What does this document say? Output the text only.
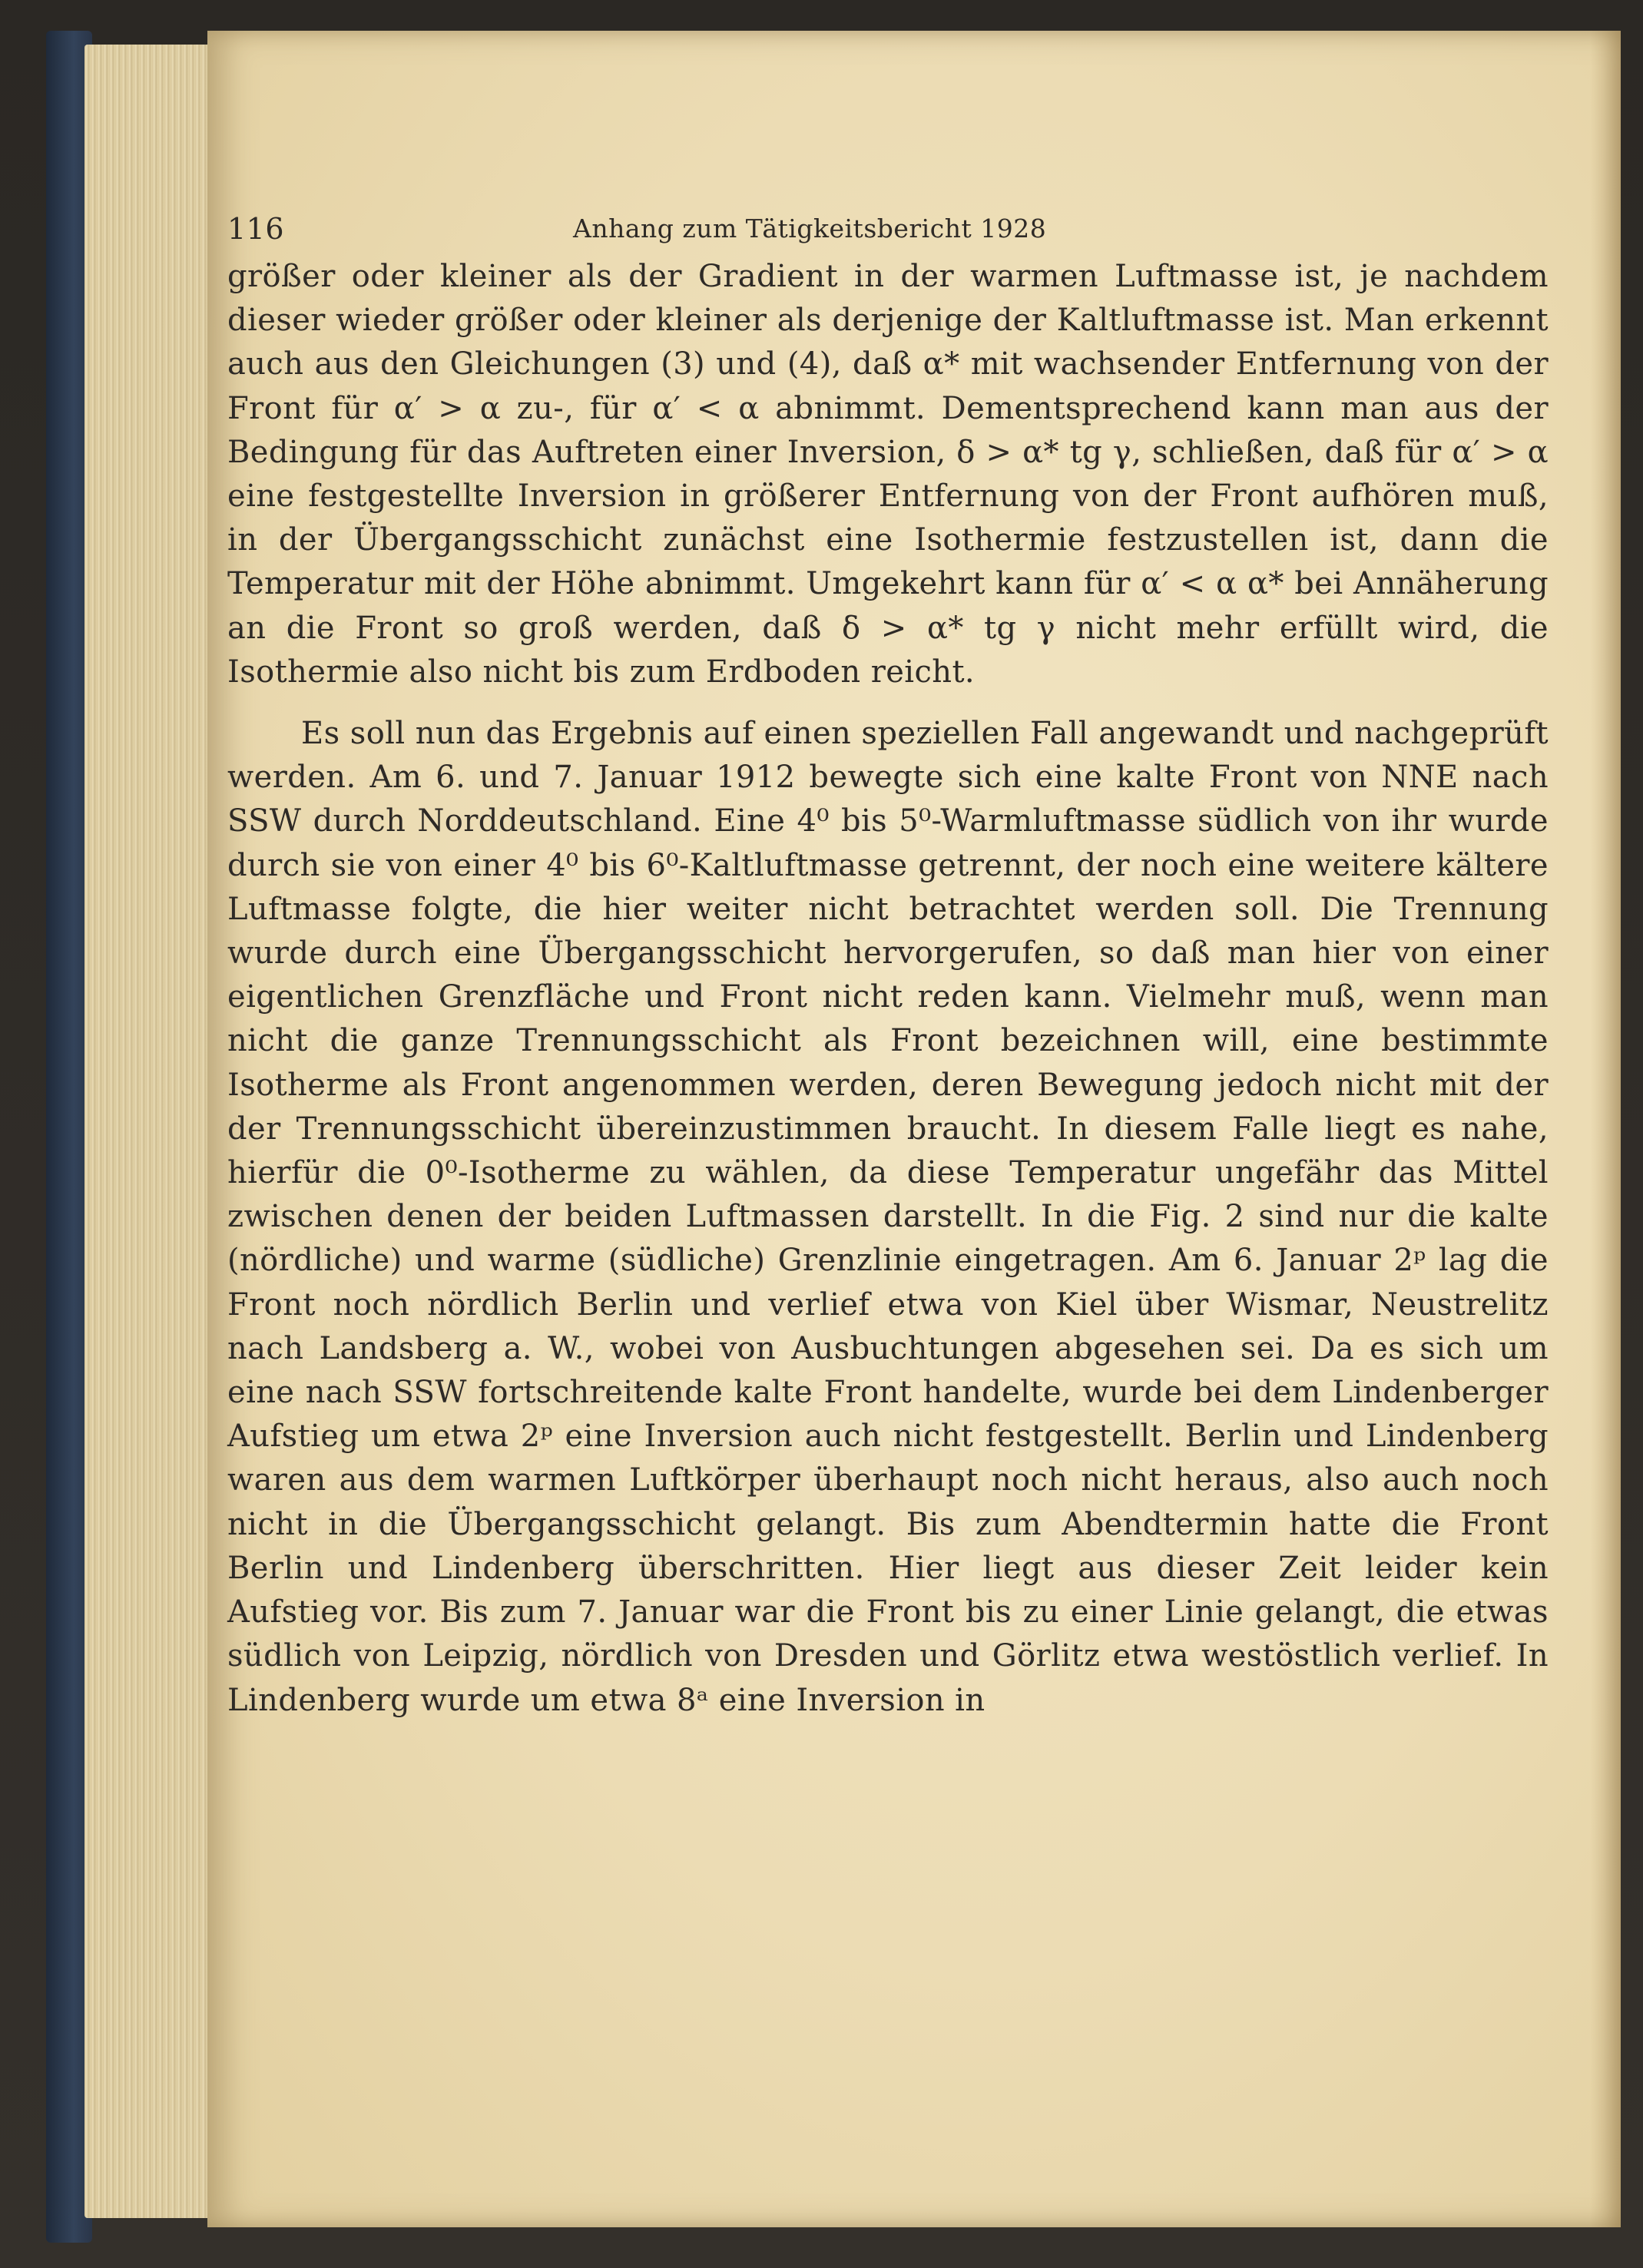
116	Anhang zum Tätigkeitsbericht 1928

größer oder kleiner als der Gradient in der warmen Luftmasse ist, je nachdem dieser wieder größer oder kleiner als derjenige der Kaltluftmasse ist. Man erkennt auch aus den Gleichungen (3) und (4), daß α* mit wachsender Entfernung von der Front für α′ > α zu-, für α′ < α abnimmt. Dementsprechend kann man aus der Bedingung für das Auftreten einer Inversion, δ > α* tg γ, schließen, daß für α′ > α eine festgestellte Inversion in größerer Entfernung von der Front aufhören muß, in der Übergangsschicht zunächst eine Isothermie festzustellen ist, dann die Temperatur mit der Höhe abnimmt. Umgekehrt kann für α′ < α α* bei Annäherung an die Front so groß werden, daß δ > α* tg γ nicht mehr erfüllt wird, die Isothermie also nicht bis zum Erdboden reicht.

Es soll nun das Ergebnis auf einen speziellen Fall angewandt und nachgeprüft werden. Am 6. und 7. Januar 1912 bewegte sich eine kalte Front von NNE nach SSW durch Norddeutschland. Eine 4⁰ bis 5⁰-Warmluftmasse südlich von ihr wurde durch sie von einer 4⁰ bis 6⁰-Kaltluftmasse getrennt, der noch eine weitere kältere Luftmasse folgte, die hier weiter nicht betrachtet werden soll. Die Trennung wurde durch eine Übergangsschicht hervorgerufen, so daß man hier von einer eigentlichen Grenzfläche und Front nicht reden kann. Vielmehr muß, wenn man nicht die ganze Trennungsschicht als Front bezeichnen will, eine bestimmte Isotherme als Front angenommen werden, deren Bewegung jedoch nicht mit der der Trennungsschicht übereinzustimmen braucht. In diesem Falle liegt es nahe, hierfür die 0⁰-Isotherme zu wählen, da diese Temperatur ungefähr das Mittel zwischen denen der beiden Luftmassen darstellt. In die Fig. 2 sind nur die kalte (nördliche) und warme (südliche) Grenzlinie eingetragen. Am 6. Januar 2ᵖ lag die Front noch nördlich Berlin und verlief etwa von Kiel über Wismar, Neustrelitz nach Landsberg a. W., wobei von Ausbuchtungen abgesehen sei. Da es sich um eine nach SSW fortschreitende kalte Front handelte, wurde bei dem Lindenberger Aufstieg um etwa 2ᵖ eine Inversion auch nicht festgestellt. Berlin und Lindenberg waren aus dem warmen Luftkörper überhaupt noch nicht heraus, also auch noch nicht in die Übergangsschicht gelangt. Bis zum Abendtermin hatte die Front Berlin und Lindenberg überschritten. Hier liegt aus dieser Zeit leider kein Aufstieg vor. Bis zum 7. Januar war die Front bis zu einer Linie gelangt, die etwas südlich von Leipzig, nördlich von Dresden und Görlitz etwa westöstlich verlief. In Lindenberg wurde um etwa 8ᵃ eine Inversion in
